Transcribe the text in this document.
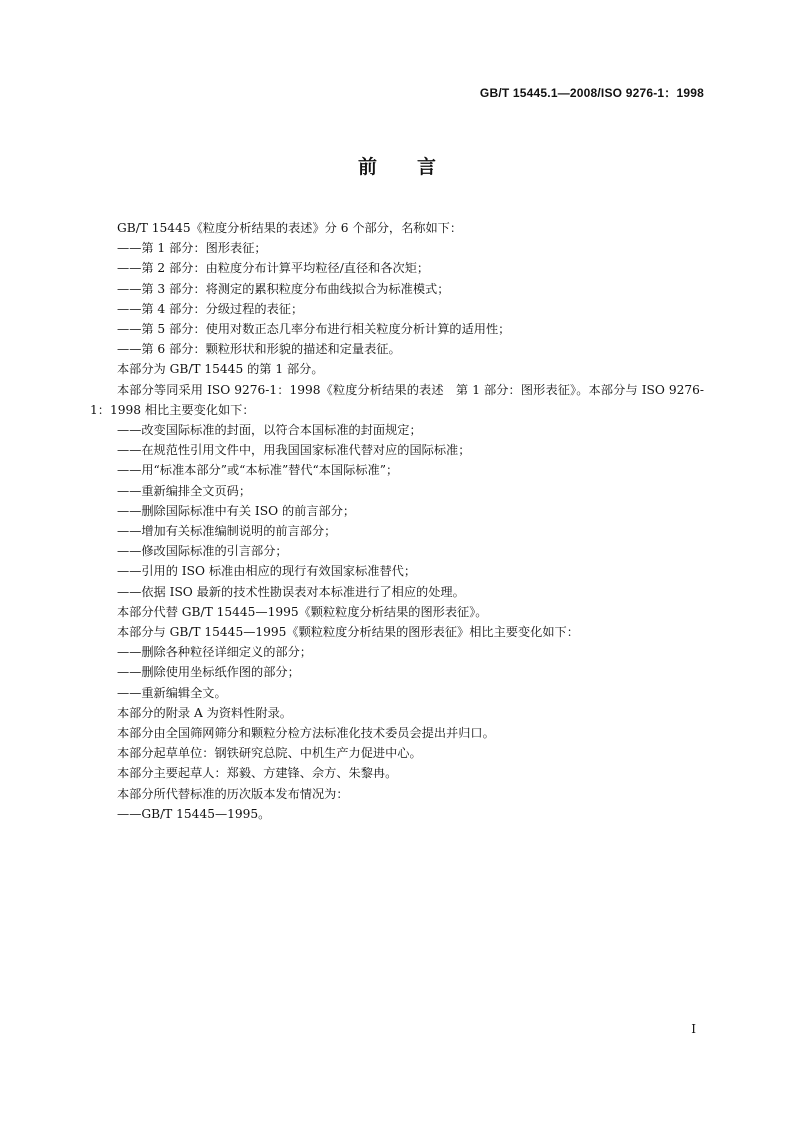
GB/T 15445.1—2008/ISO 9276-1：1998
前言

GB/T 15445《粒度分析结果的表述》分 6 个部分，名称如下：

——第 1 部分：图形表征；

——第 2 部分：由粒度分布计算平均粒径/直径和各次矩；

——第 3 部分：将测定的累积粒度分布曲线拟合为标准模式；

——第 4 部分：分级过程的表征；

——第 5 部分：使用对数正态几率分布进行相关粒度分析计算的适用性；

——第 6 部分：颗粒形状和形貌的描述和定量表征。

本部分为 GB/T 15445 的第 1 部分。

本部分等同采用 ISO 9276-1：1998《粒度分析结果的表述　第 1 部分：图形表征》。本部分与 ISO 9276-1：1998 相比主要变化如下：

——改变国际标准的封面，以符合本国标准的封面规定；

——在规范性引用文件中，用我国国家标准代替对应的国际标准；

——用“标准本部分”或“本标准”替代“本国际标准”；

——重新编排全文页码；

——删除国际标准中有关 ISO 的前言部分；

——增加有关标准编制说明的前言部分；

——修改国际标准的引言部分；

——引用的 ISO 标准由相应的现行有效国家标准替代；

——依据 ISO 最新的技术性勘误表对本标准进行了相应的处理。

本部分代替 GB/T 15445—1995《颗粒粒度分析结果的图形表征》。

本部分与 GB/T 15445—1995《颗粒粒度分析结果的图形表征》相比主要变化如下：

——删除各种粒径详细定义的部分；

——删除使用坐标纸作图的部分；

——重新编辑全文。

本部分的附录 A 为资料性附录。

本部分由全国筛网筛分和颗粒分检方法标准化技术委员会提出并归口。

本部分起草单位：钢铁研究总院、中机生产力促进中心。

本部分主要起草人：郑毅、方建锋、佘方、朱黎冉。

本部分所代替标准的历次版本发布情况为：

——GB/T 15445—1995。

I
